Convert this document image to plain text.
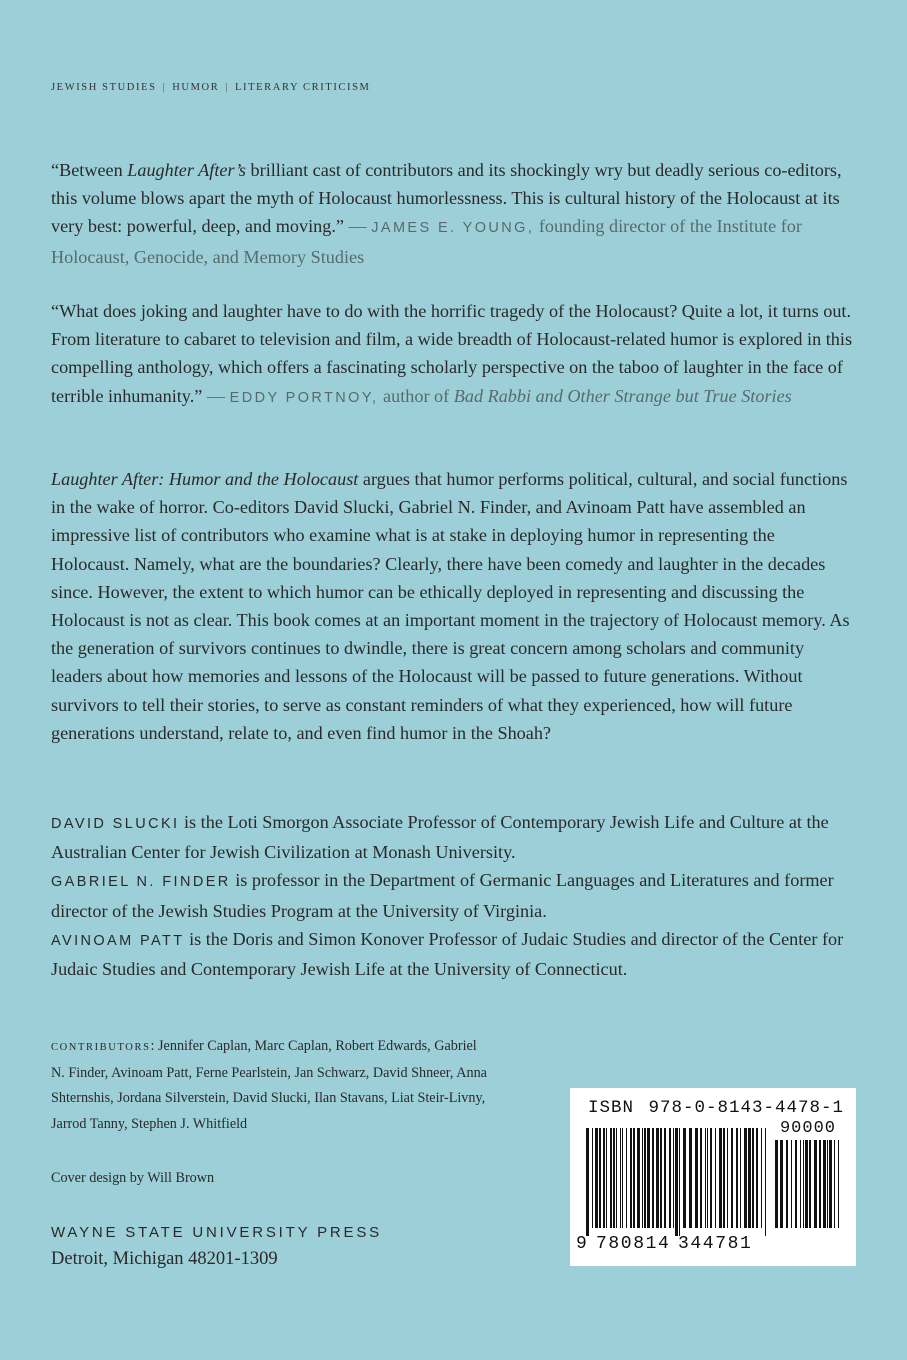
JEWISH STUDIES | HUMOR | LITERARY CRITICISM

“Between Laughter After’s brilliant cast of contributors and its shockingly wry but deadly serious co-editors, this volume blows apart the myth of Holocaust humorlessness. This is cultural history of the Holocaust at its very best: powerful, deep, and moving.” — JAMES E. YOUNG, founding director of the Institute for Holocaust, Genocide, and Memory Studies

“What does joking and laughter have to do with the horrific tragedy of the Holocaust? Quite a lot, it turns out. From literature to cabaret to television and film, a wide breadth of Holocaust-related humor is explored in this compelling anthology, which offers a fascinating scholarly perspective on the taboo of laughter in the face of terrible inhumanity.” — EDDY PORTNOY, author of Bad Rabbi and Other Strange but True Stories

Laughter After: Humor and the Holocaust argues that humor performs political, cultural, and social functions in the wake of horror. Co-editors David Slucki, Gabriel N. Finder, and Avinoam Patt have assembled an impressive list of contributors who examine what is at stake in deploying humor in representing the Holocaust. Namely, what are the boundaries? Clearly, there have been comedy and laughter in the decades since. However, the extent to which humor can be ethically deployed in representing and discussing the Holocaust is not as clear. This book comes at an important moment in the trajectory of Holocaust memory. As the generation of survivors continues to dwindle, there is great concern among scholars and community leaders about how memories and lessons of the Holocaust will be passed to future generations. Without survivors to tell their stories, to serve as constant reminders of what they experienced, how will future generations understand, relate to, and even find humor in the Shoah?

DAVID SLUCKI is the Loti Smorgon Associate Professor of Contemporary Jewish Life and Culture at the Australian Center for Jewish Civilization at Monash University.

GABRIEL N. FINDER is professor in the Department of Germanic Languages and Literatures and former director of the Jewish Studies Program at the University of Virginia.

AVINOAM PATT is the Doris and Simon Konover Professor of Judaic Studies and director of the Center for Judaic Studies and Contemporary Jewish Life at the University of Connecticut.

CONTRIBUTORS: Jennifer Caplan, Marc Caplan, Robert Edwards, Gabriel N. Finder, Avinoam Patt, Ferne Pearlstein, Jan Schwarz, David Shneer, Anna Shternshis, Jordana Silverstein, David Slucki, Ilan Stavans, Liat Steir-Livny, Jarrod Tanny, Stephen J. Whitfield
Cover design by Will Brown
WAYNE STATE UNIVERSITY PRESS
Detroit, Michigan 48201-1309
ISBN 978-0-8143-4478-1
90000
9 780814 344781
